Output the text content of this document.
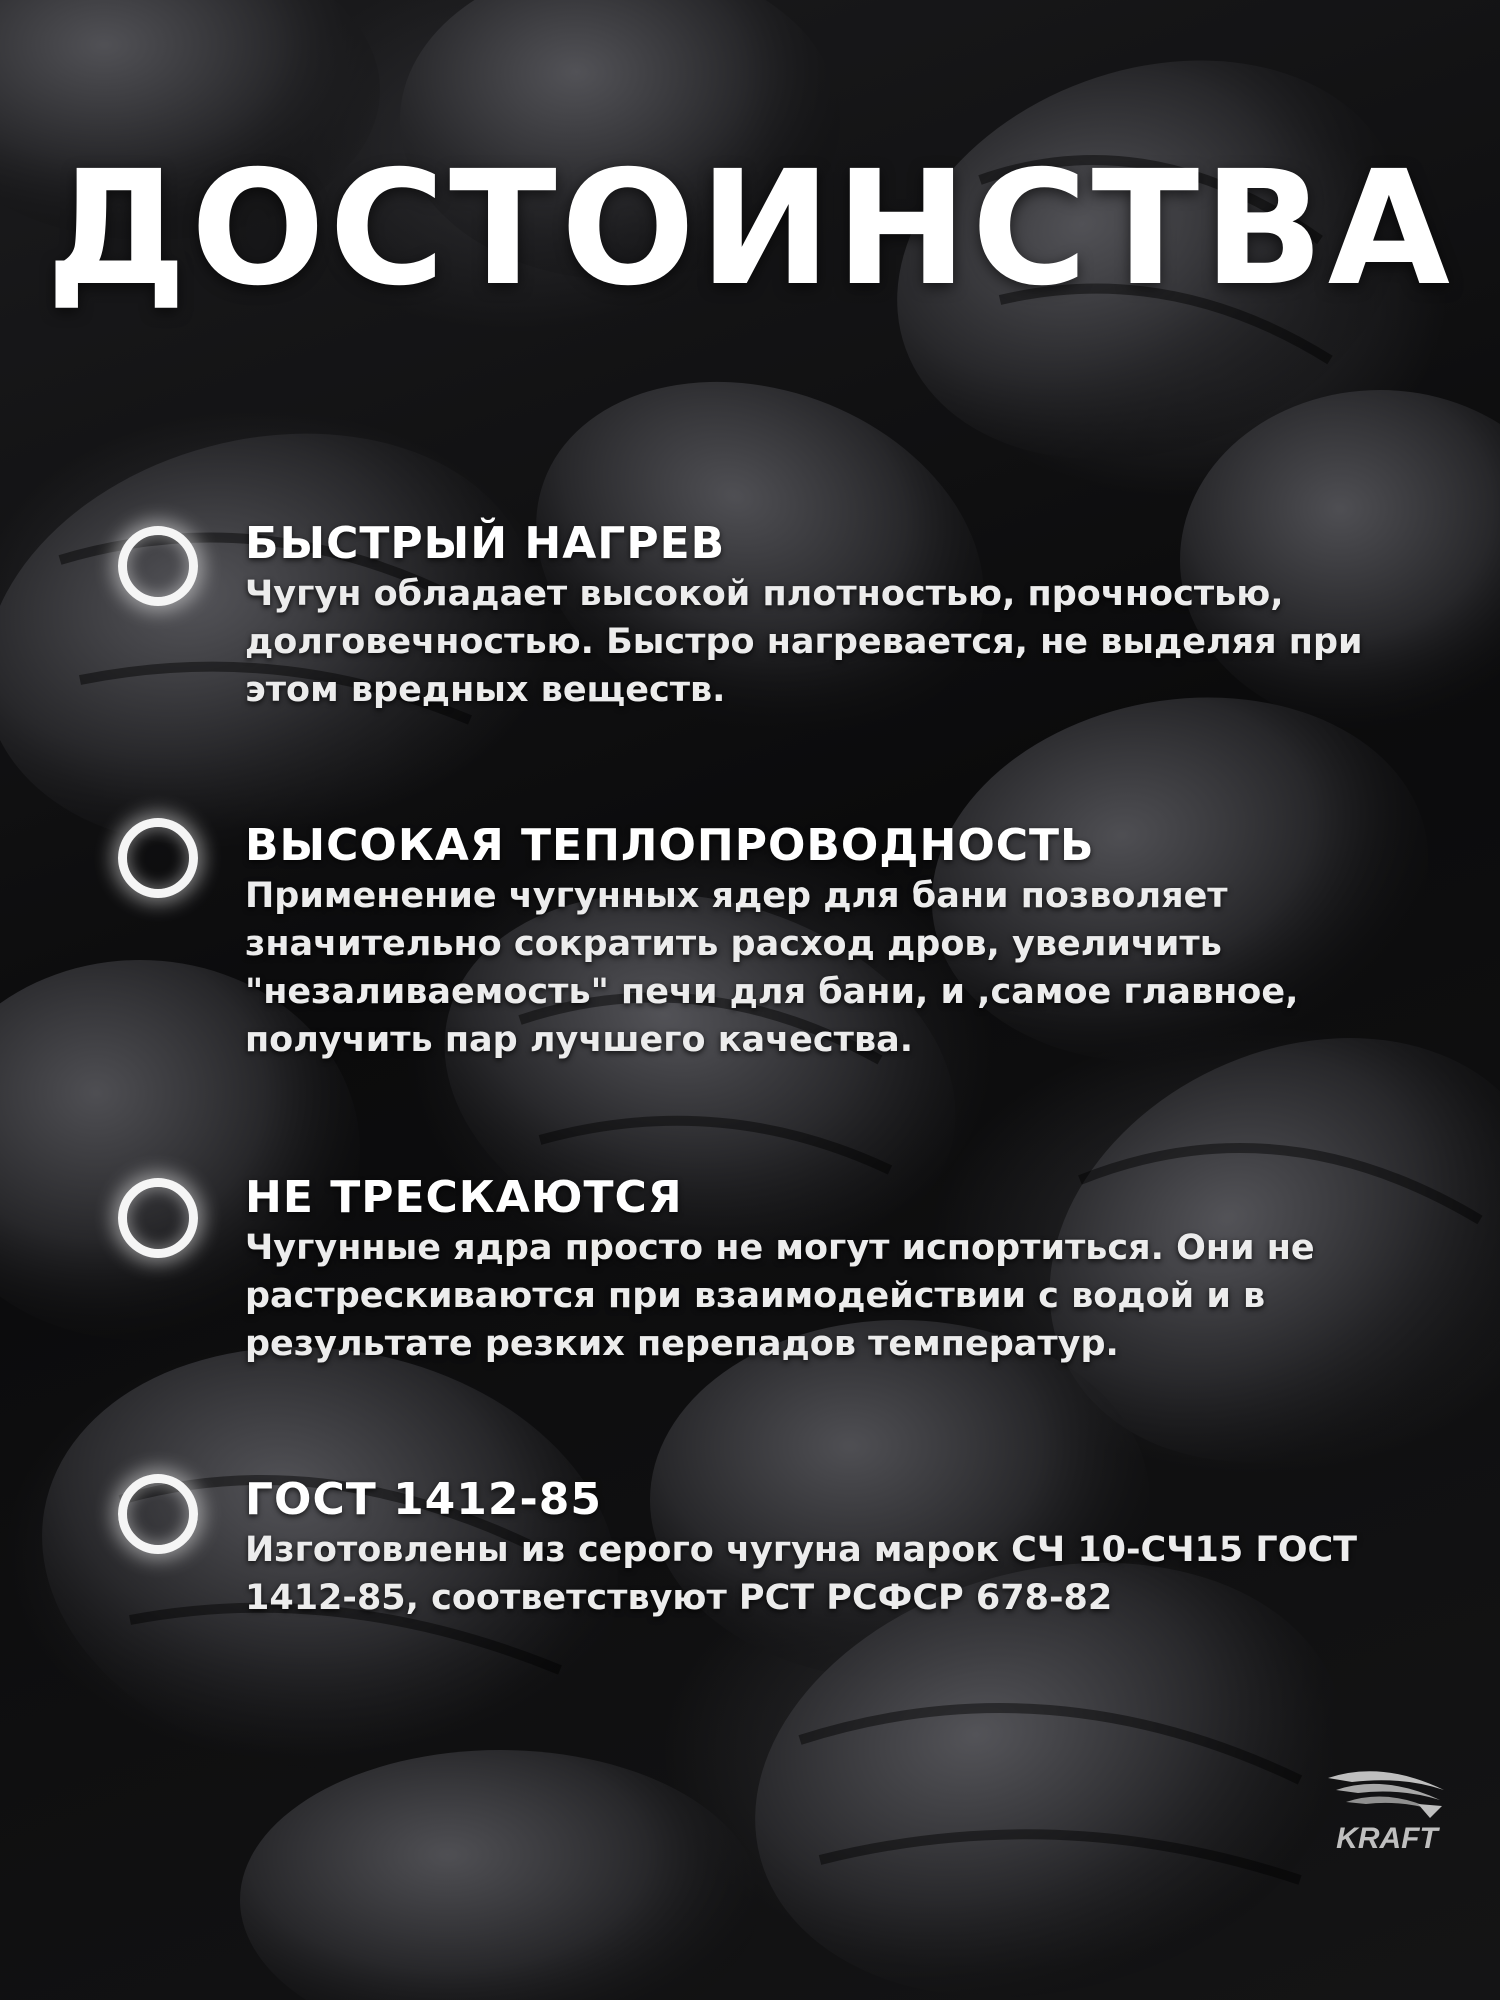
ДОСТОИНСТВА
БЫСТРЫЙ НАГРЕВ

Чугун обладает высокой плотностью, прочностью, долговечностью. Быстро нагревается, не выделяя при этом вредных веществ.

ВЫСОКАЯ ТЕПЛОПРОВОДНОСТЬ

Применение чугунных ядер для бани позволяет значительно сократить расход дров, увеличить "незаливаемость" печи для бани, и ,самое главное, получить пар лучшего качества.

НЕ ТРЕСКАЮТСЯ

Чугунные ядра просто не могут испортиться. Они не растрескиваются при взаимодействии с водой и в результате резких перепадов температур.

ГОСТ 1412-85

Изготовлены из серого чугуна марок СЧ 10-СЧ15 ГОСТ 1412-85, соответствуют РСТ РСФСР 678-82

KRAFT
